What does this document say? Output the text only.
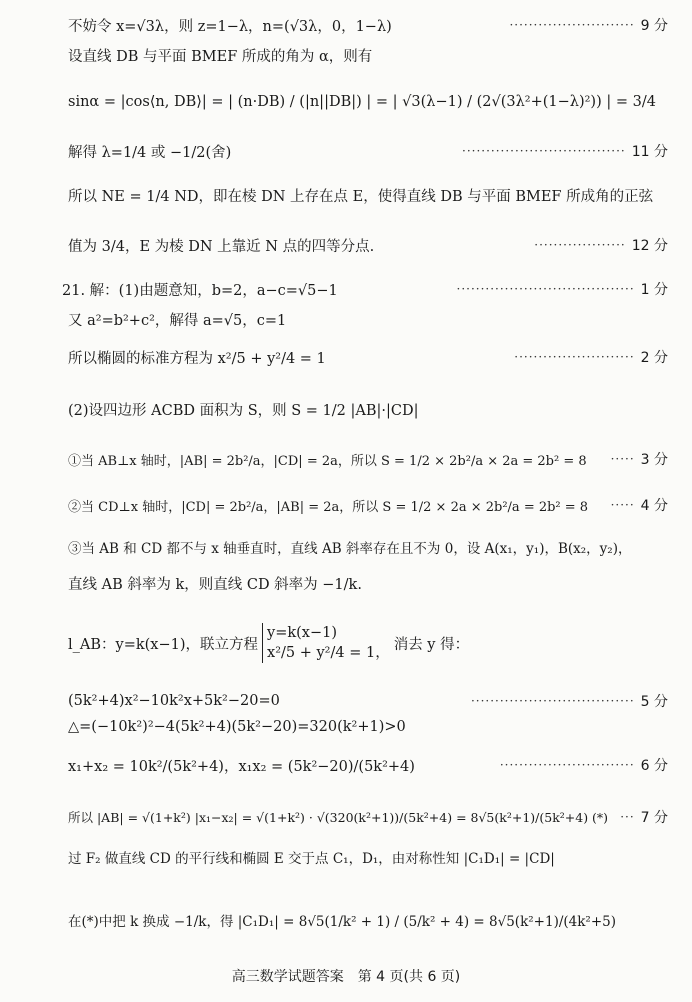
不妨令 x=√3λ，则 z=1−λ，n=(√3λ，0，1−λ)	·························· 9 分
设直线 DB 与平面 BMEF 所成的角为 α，则有
sinα = |cos⟨n, DB⟩| = | (n·DB) / (|n||DB|) | = | √3(λ−1) / (2√(3λ²+(1−λ)²)) | = 3/4
解得 λ=1/4 或 −1/2(舍)	·································· 11 分
所以 NE = 1/4 ND，即在棱 DN 上存在点 E，使得直线 DB 与平面 BMEF 所成角的正弦
值为 3/4，E 为棱 DN 上靠近 N 点的四等分点.	··················· 12 分
21. 解：(1)由题意知，b=2，a−c=√5−1	····································· 1 分
又 a²=b²+c²，解得 a=√5，c=1
所以椭圆的标准方程为 x²/5 + y²/4 = 1	························· 2 分
(2)设四边形 ACBD 面积为 S，则 S = 1/2 |AB|·|CD|
①当 AB⊥x 轴时，|AB| = 2b²/a，|CD| = 2a，所以 S = 1/2 × 2b²/a × 2a = 2b² = 8 ····· 3 分
②当 CD⊥x 轴时，|CD| = 2b²/a，|AB| = 2a，所以 S = 1/2 × 2a × 2b²/a = 2b² = 8 ····· 4 分
③当 AB 和 CD 都不与 x 轴垂直时，直线 AB 斜率存在且不为 0，设 A(x₁，y₁)，B(x₂，y₂)，
直线 AB 斜率为 k，则直线 CD 斜率为 −1/k.
l_AB：y=k(x−1)，联立方程
y=k(x−1)
x²/5 + y²/4 = 1，
消去 y 得：
(5k²+4)x²−10k²x+5k²−20=0	·································· 5 分
△=(−10k²)²−4(5k²+4)(5k²−20)=320(k²+1)>0
x₁+x₂ = 10k²/(5k²+4)，x₁x₂ = (5k²−20)/(5k²+4)	···························· 6 分
所以 |AB| = √(1+k²) |x₁−x₂| = √(1+k²) · √(320(k²+1))/(5k²+4) = 8√5(k²+1)/(5k²+4) (*) ··· 7 分
过 F₂ 做直线 CD 的平行线和椭圆 E 交于点 C₁，D₁，由对称性知 |C₁D₁| = |CD|
在(*)中把 k 换成 −1/k，得 |C₁D₁| = 8√5(1/k² + 1) / (5/k² + 4) = 8√5(k²+1)/(4k²+5)
高三数学试题答案　第 4 页(共 6 页)
